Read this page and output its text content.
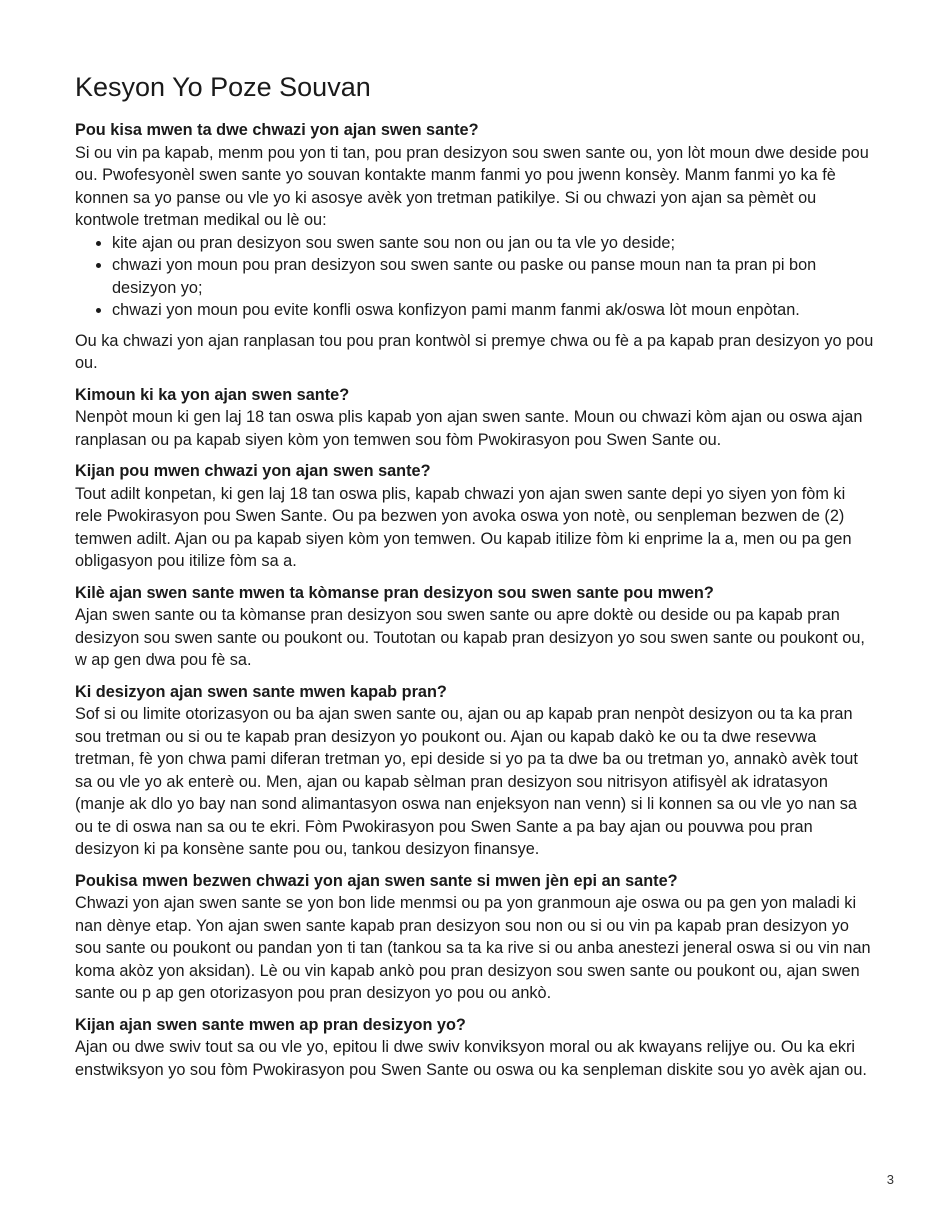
Kesyon Yo Poze Souvan

Pou kisa mwen ta dwe chwazi yon ajan swen sante?

Si ou vin pa kapab, menm pou yon ti tan, pou pran desizyon sou swen sante ou, yon lòt moun dwe deside pou ou. Pwofesyonèl swen sante yo souvan kontakte manm fanmi yo pou jwenn konsèy. Manm fanmi yo ka fè konnen sa yo panse ou vle yo ki asosye avèk yon tretman patikilye. Si ou chwazi yon ajan sa pèmèt ou kontwole tretman medikal ou lè ou:

• kite ajan ou pran desizyon sou swen sante sou non ou jan ou ta vle yo deside;
• chwazi yon moun pou pran desizyon sou swen sante ou paske ou panse moun nan ta pran pi bon desizyon yo;
• chwazi yon moun pou evite konfli oswa konfizyon pami manm fanmi ak/oswa lòt moun enpòtan.

Ou ka chwazi yon ajan ranplasan tou pou pran kontwòl si premye chwa ou fè a pa kapab pran desizyon yo pou ou.

Kimoun ki ka yon ajan swen sante?

Nenpòt moun ki gen laj 18 tan oswa plis kapab yon ajan swen sante. Moun ou chwazi kòm ajan ou oswa ajan ranplasan ou pa kapab siyen kòm yon temwen sou fòm Pwokirasyon pou Swen Sante ou.

Kijan pou mwen chwazi yon ajan swen sante?

Tout adilt konpetan, ki gen laj 18 tan oswa plis, kapab chwazi yon ajan swen sante depi yo siyen yon fòm ki rele Pwokirasyon pou Swen Sante. Ou pa bezwen yon avoka oswa yon notè, ou senpleman bezwen de (2) temwen adilt. Ajan ou pa kapab siyen kòm yon temwen. Ou kapab itilize fòm ki enprime la a, men ou pa gen obligasyon pou itilize fòm sa a.

Kilè ajan swen sante mwen ta kòmanse pran desizyon sou swen sante pou mwen?

Ajan swen sante ou ta kòmanse pran desizyon sou swen sante ou apre doktè ou deside ou pa kapab pran desizyon sou swen sante ou poukont ou. Toutotan ou kapab pran desizyon yo sou swen sante ou poukont ou, w ap gen dwa pou fè sa.

Ki desizyon ajan swen sante mwen kapab pran?

Sof si ou limite otorizasyon ou ba ajan swen sante ou, ajan ou ap kapab pran nenpòt desizyon ou ta ka pran sou tretman ou si ou te kapab pran desizyon yo poukont ou. Ajan ou kapab dakò ke ou ta dwe resevwa tretman, fè yon chwa pami diferan tretman yo, epi deside si yo pa ta dwe ba ou tretman yo, annakò avèk tout sa ou vle yo ak enterè ou. Men, ajan ou kapab sèlman pran desizyon sou nitrisyon atifisyèl ak idratasyon (manje ak dlo yo bay nan sond alimantasyon oswa nan enjeksyon nan venn) si li konnen sa ou vle yo nan sa ou te di oswa nan sa ou te ekri. Fòm Pwokirasyon pou Swen Sante a pa bay ajan ou pouvwa pou pran desizyon ki pa konsène sante pou ou, tankou desizyon finansye.

Poukisa mwen bezwen chwazi yon ajan swen sante si mwen jèn epi an sante?

Chwazi yon ajan swen sante se yon bon lide menmsi ou pa yon granmoun aje oswa ou pa gen yon maladi ki nan dènye etap. Yon ajan swen sante kapab pran desizyon sou non ou si ou vin pa kapab pran desizyon yo sou sante ou poukont ou pandan yon ti tan (tankou sa ta ka rive si ou anba anestezi jeneral oswa si ou vin nan koma akòz yon aksidan). Lè ou vin kapab ankò pou pran desizyon sou swen sante ou poukont ou, ajan swen sante ou p ap gen otorizasyon pou pran desizyon yo pou ou ankò.

Kijan ajan swen sante mwen ap pran desizyon yo?

Ajan ou dwe swiv tout sa ou vle yo, epitou li dwe swiv konviksyon moral ou ak kwayans relijye ou. Ou ka ekri enstwiksyon yo sou fòm Pwokirasyon pou Swen Sante ou oswa ou ka senpleman diskite sou yo avèk ajan ou.

3
